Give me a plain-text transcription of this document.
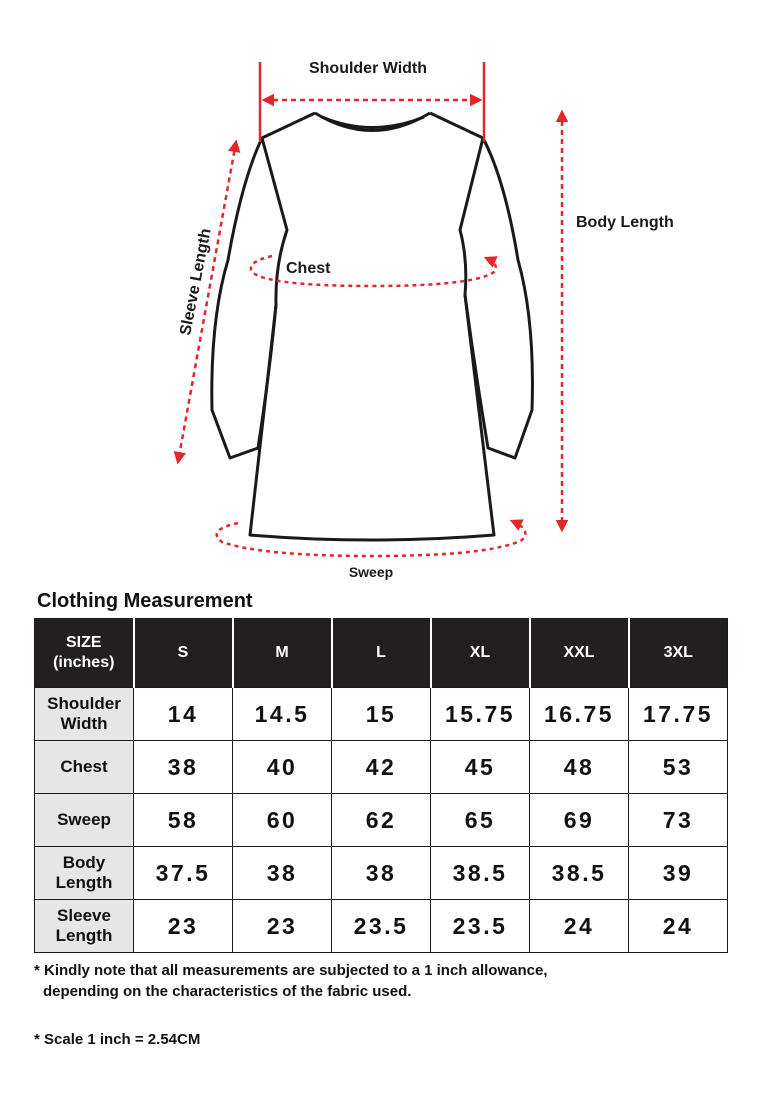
Shoulder Width
Body Length
Sleeve Length	Chest
Sweep
Clothing Measurement
SIZE
(inches)	S	M	L	XL	XXL	3XL

Shoulder
Width	14	14.5	15	15.75	16.75	17.75

Chest	38	40	42	45	48	53

Sweep	58	60	62	65	69	73

Body
Length	37.5	38	38	38.5	38.5	39

Sleeve
Length	23	23	23.5	23.5	24	24
* Kindly note that all measurements are subjected to a 1 inch allowance,
depending on the characteristics of the fabric used.
* Scale 1 inch = 2.54CM
